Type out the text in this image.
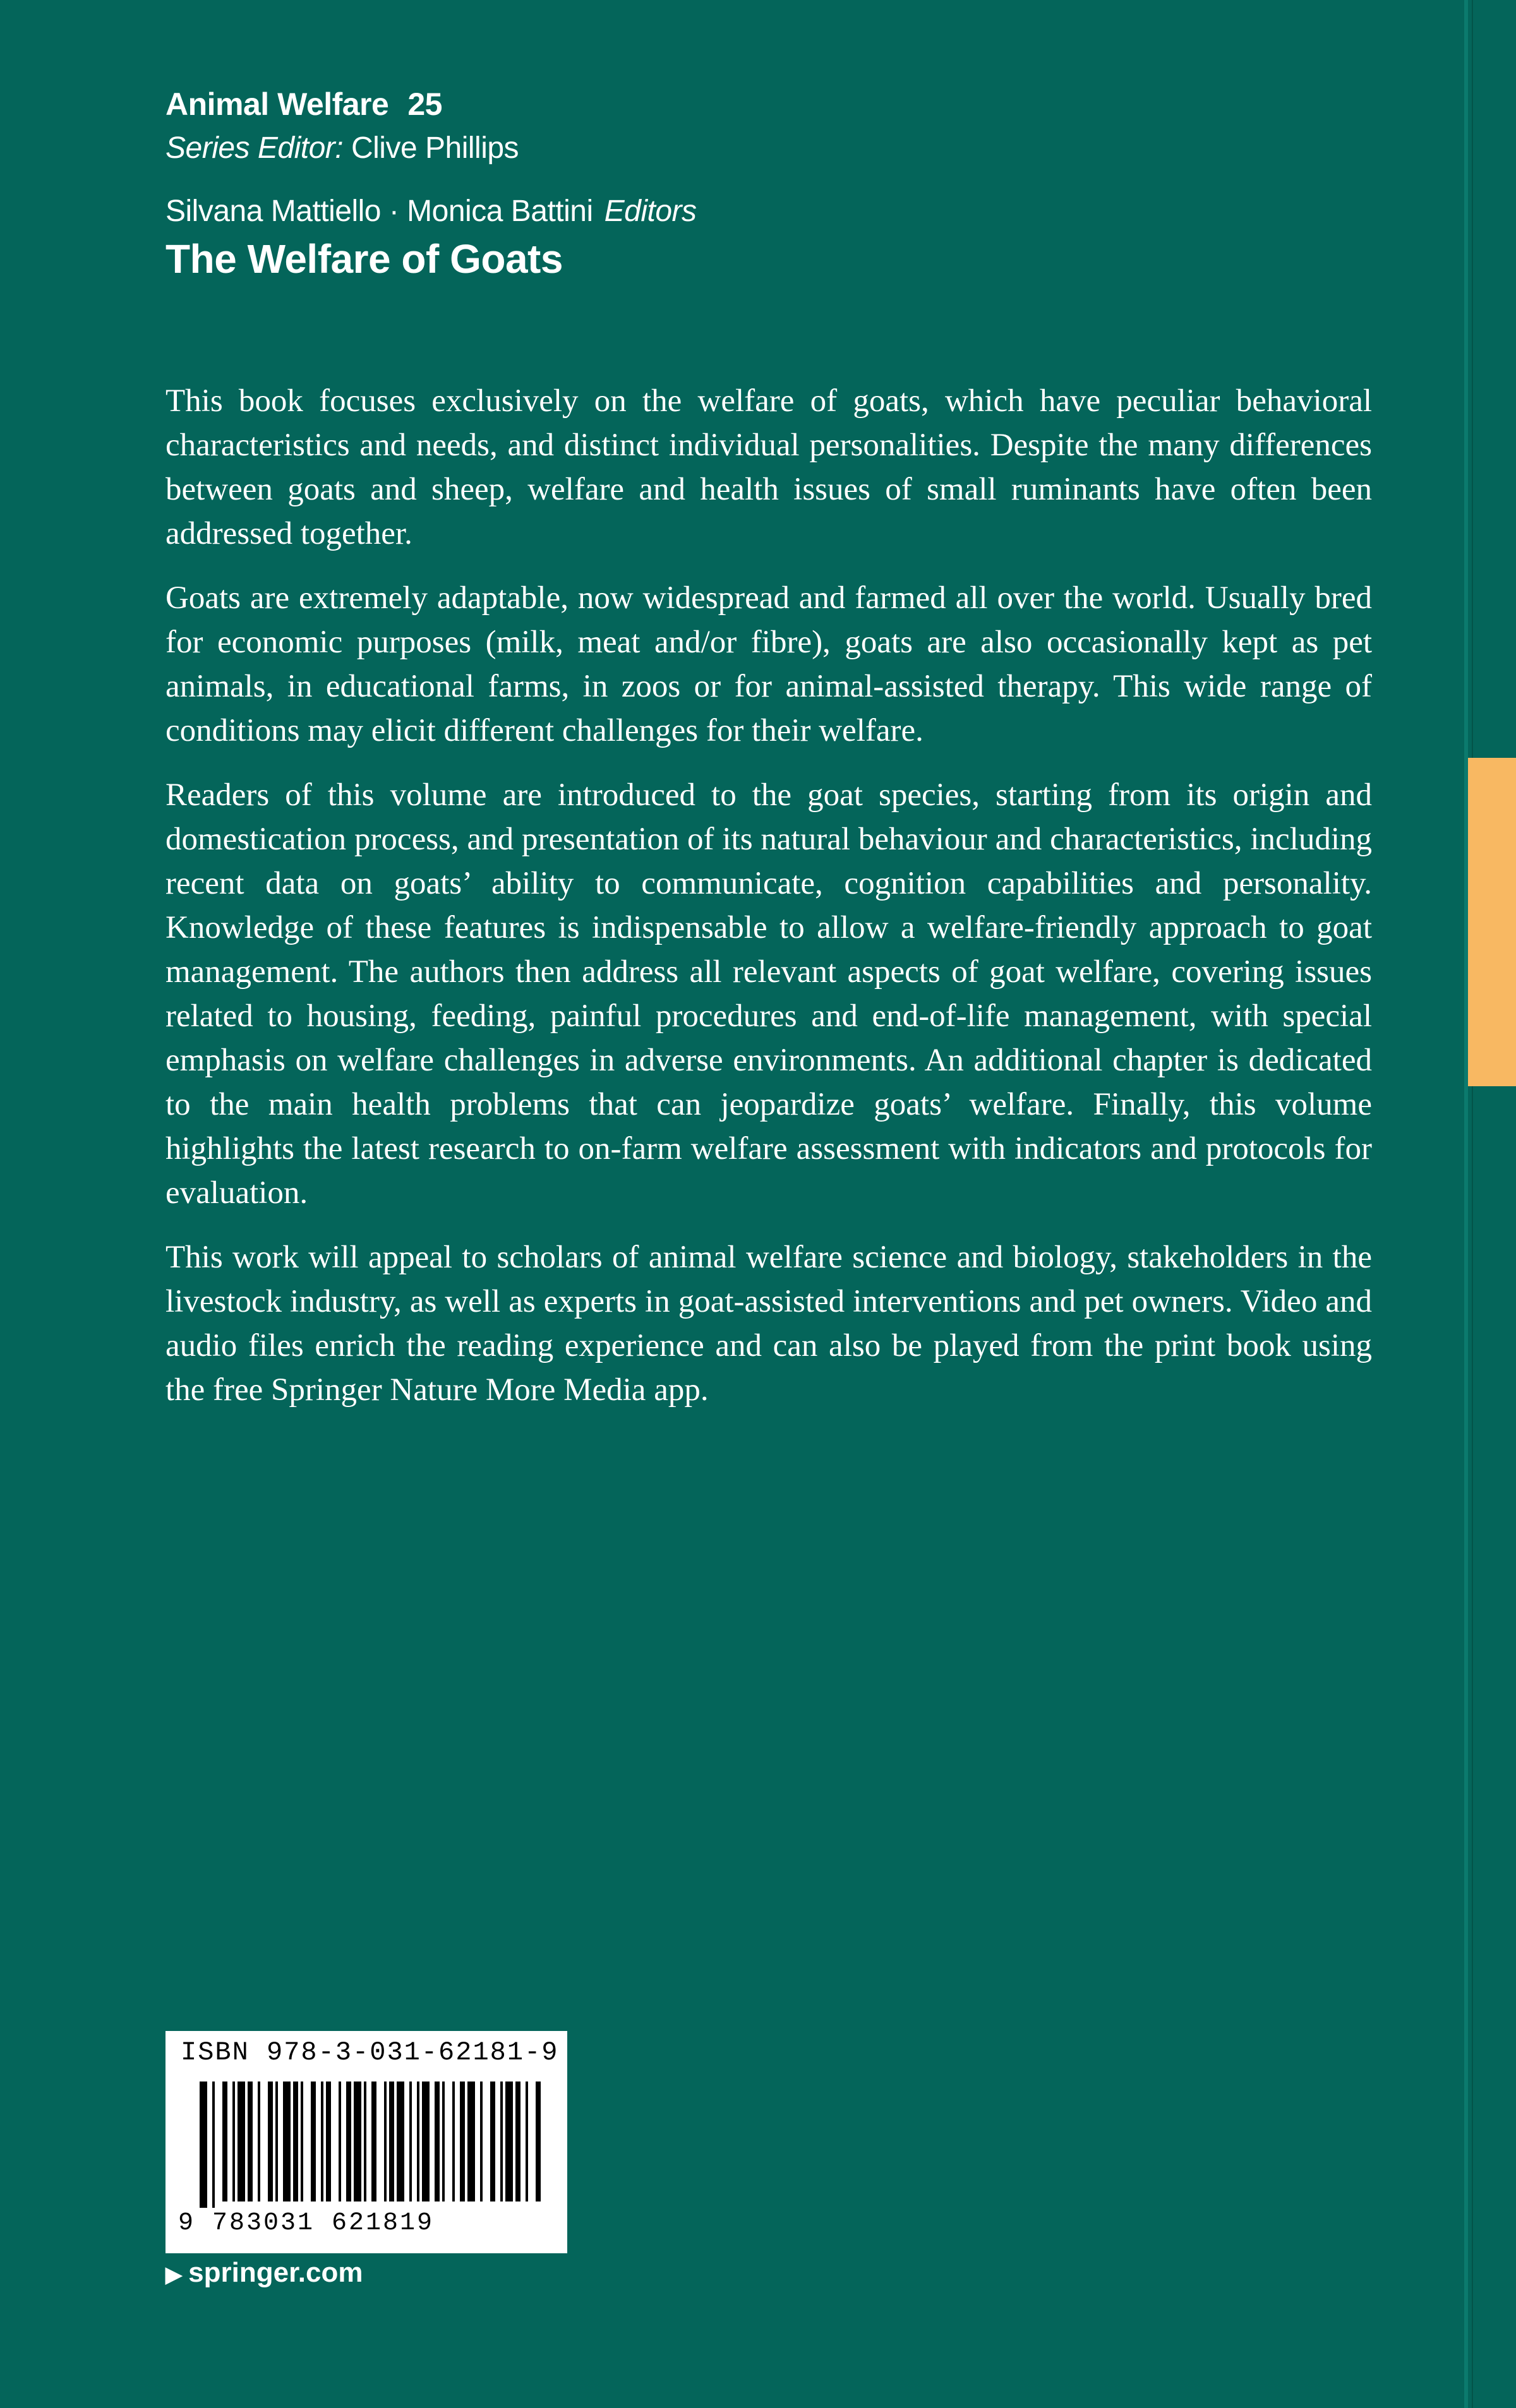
Animal Welfare 25
Series Editor: Clive Phillips
Silvana Mattiello · Monica Battini Editors
The Welfare of Goats

This book focuses exclusively on the welfare of goats, which have peculiar behavioral characteristics and needs, and distinct individual personalities. Despite the many differences between goats and sheep, welfare and health issues of small ruminants have often been addressed together.

Goats are extremely adaptable, now widespread and farmed all over the world. Usually bred for economic purposes (milk, meat and/or fibre), goats are also occasionally kept as pet animals, in educational farms, in zoos or for animal-assisted therapy. This wide range of conditions may elicit different challenges for their welfare.

Readers of this volume are introduced to the goat species, starting from its origin and domestication process, and presentation of its natural behaviour and characteristics, including recent data on goats’ ability to communicate, cognition capabilities and personality. Knowledge of these features is indispensable to allow a welfare-friendly approach to goat management. The authors then address all relevant aspects of goat welfare, covering issues related to housing, feeding, painful procedures and end-of-life management, with special emphasis on welfare challenges in adverse environments. An additional chapter is dedicated to the main health problems that can jeopardize goats’ welfare. Finally, this volume highlights the latest research to on-farm welfare assessment with indicators and protocols for evaluation.

This work will appeal to scholars of animal welfare science and biology, stakeholders in the livestock industry, as well as experts in goat-assisted interventions and pet owners. Video and audio files enrich the reading experience and can also be played from the print book using the free Springer Nature More Media app.

ISBN 978-3-031-62181-9
9 783031 621819
▶ springer.com
